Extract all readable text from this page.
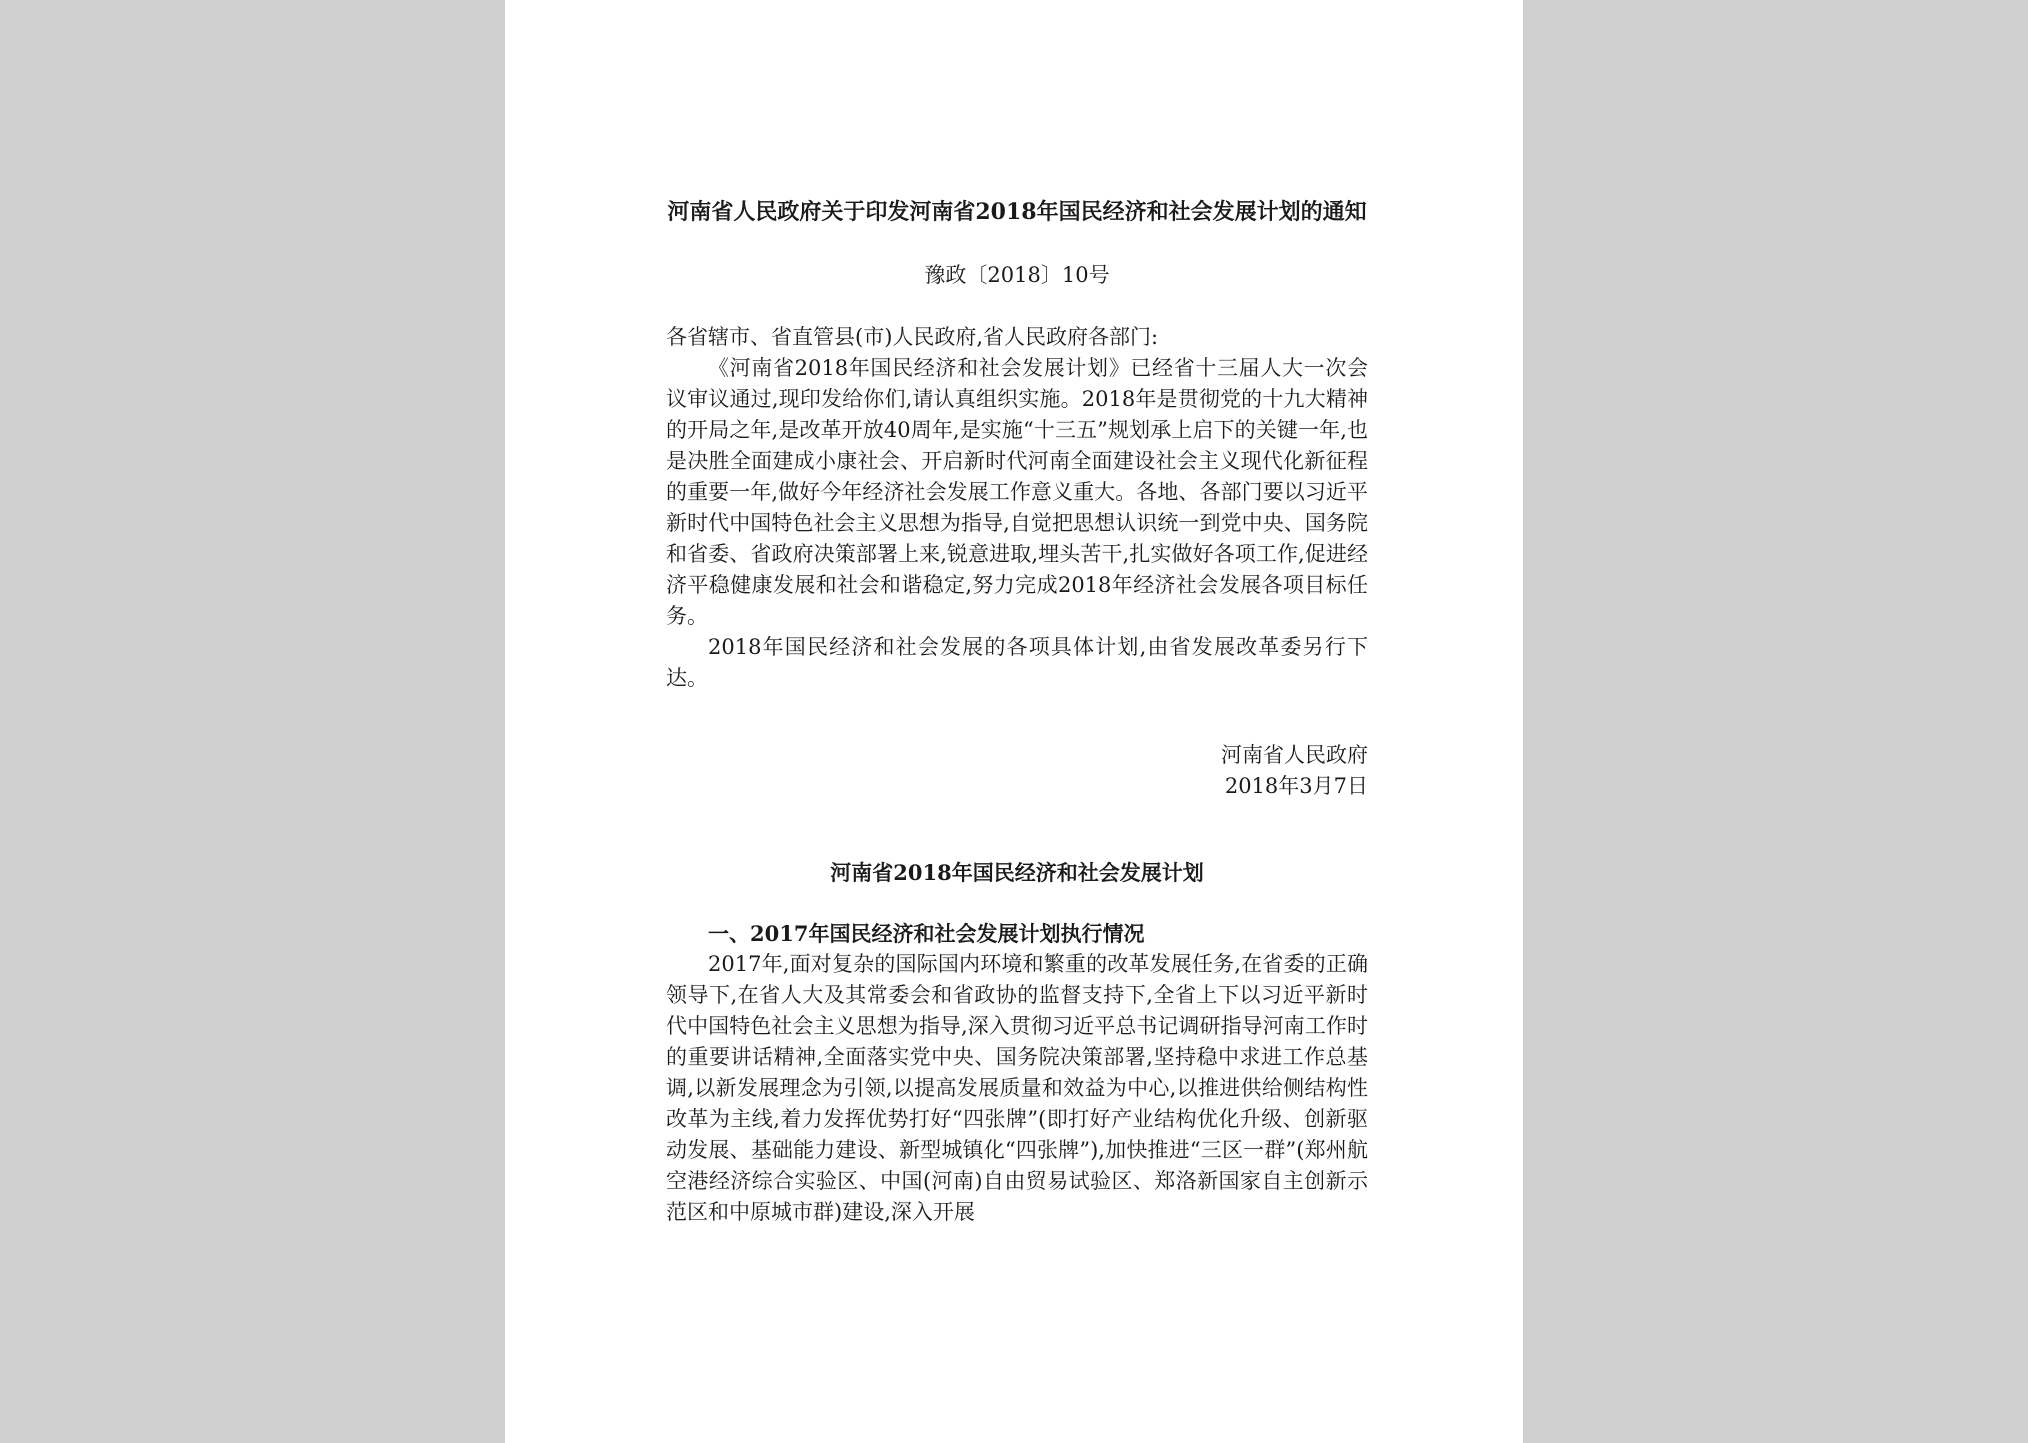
河南省人民政府关于印发河南省2018年国民经济和社会发展计划的通知
豫政〔2018〕10号
各省辖市、省直管县(市)人民政府,省人民政府各部门:

《河南省2018年国民经济和社会发展计划》已经省十三届人大一次会议审议通过,现印发给你们,请认真组织实施。2018年是贯彻党的十九大精神的开局之年,是改革开放40周年,是实施“十三五”规划承上启下的关键一年,也是决胜全面建成小康社会、开启新时代河南全面建设社会主义现代化新征程的重要一年,做好今年经济社会发展工作意义重大。各地、各部门要以习近平新时代中国特色社会主义思想为指导,自觉把思想认识统一到党中央、国务院和省委、省政府决策部署上来,锐意进取,埋头苦干,扎实做好各项工作,促进经济平稳健康发展和社会和谐稳定,努力完成2018年经济社会发展各项目标任务。

2018年国民经济和社会发展的各项具体计划,由省发展改革委另行下达。

河南省人民政府
2018年3月7日
河南省2018年国民经济和社会发展计划
一、2017年国民经济和社会发展计划执行情况

2017年,面对复杂的国际国内环境和繁重的改革发展任务,在省委的正确领导下,在省人大及其常委会和省政协的监督支持下,全省上下以习近平新时代中国特色社会主义思想为指导,深入贯彻习近平总书记调研指导河南工作时的重要讲话精神,全面落实党中央、国务院决策部署,坚持稳中求进工作总基调,以新发展理念为引领,以提高发展质量和效益为中心,以推进供给侧结构性改革为主线,着力发挥优势打好“四张牌”(即打好产业结构优化升级、创新驱动发展、基础能力建设、新型城镇化“四张牌”),加快推进“三区一群”(郑州航空港经济综合实验区、中国(河南)自由贸易试验区、郑洛新国家自主创新示范区和中原城市群)建设,深入开展
